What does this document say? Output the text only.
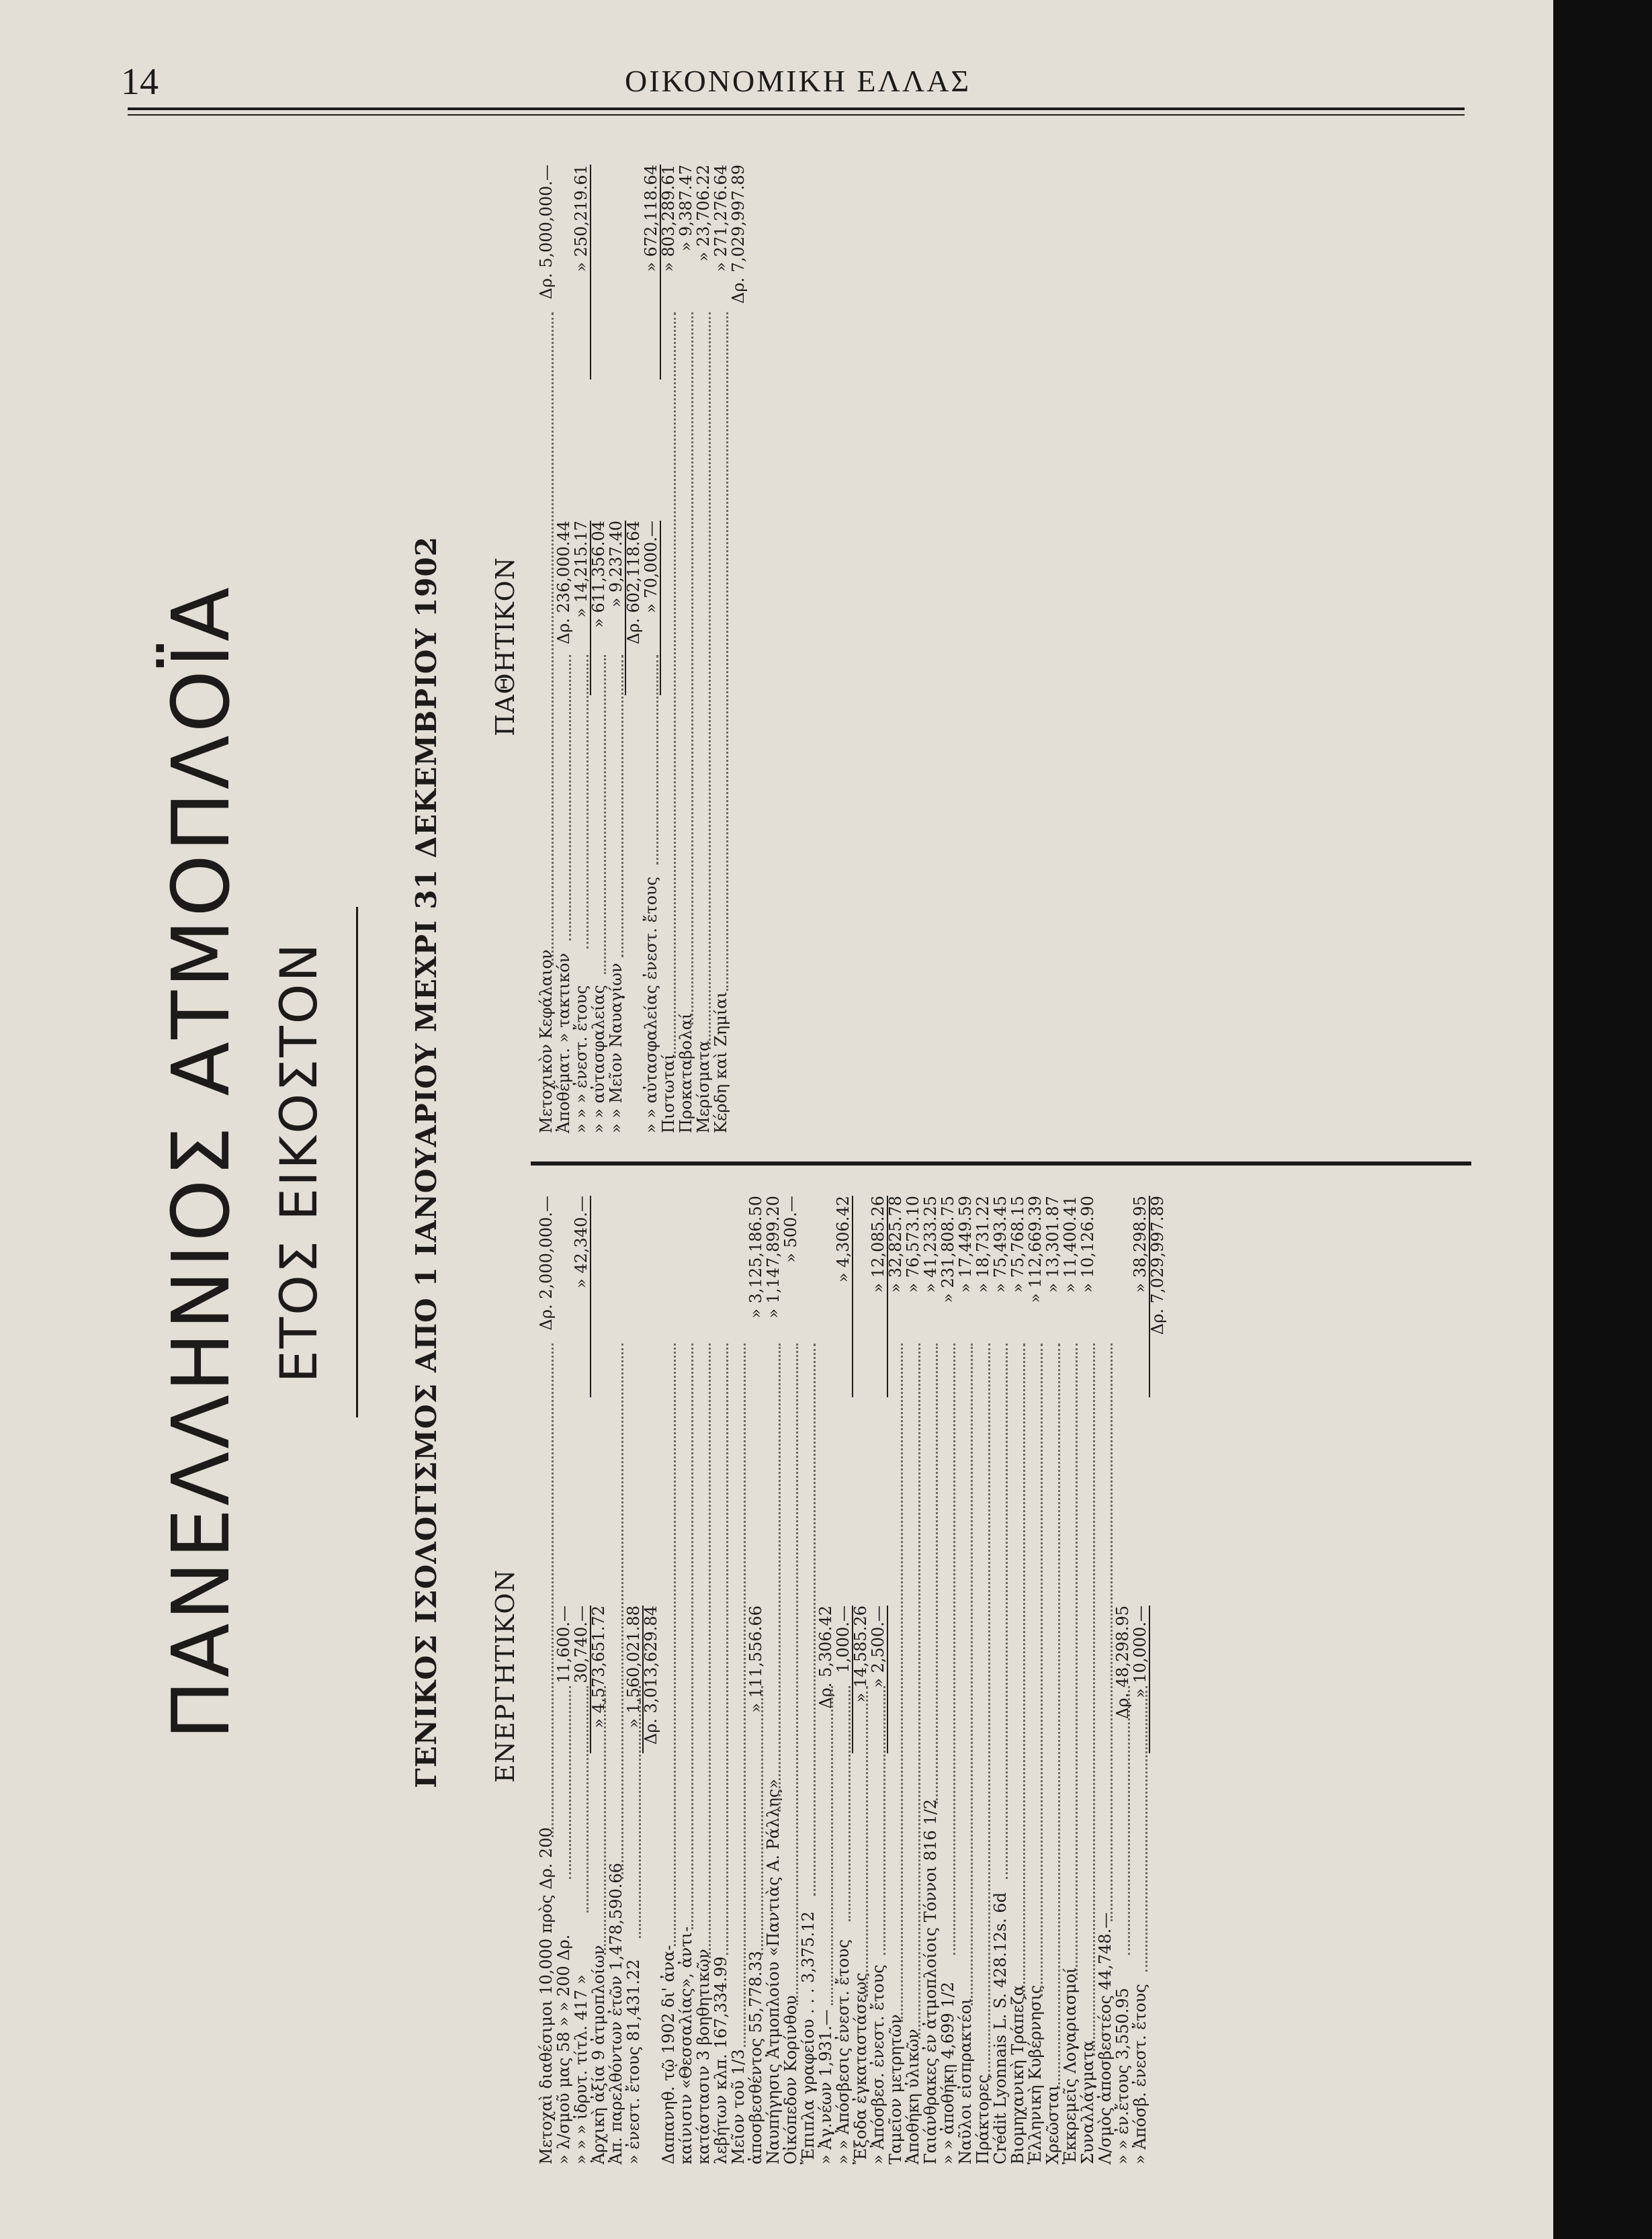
14	ΟΙΚΟΝΟΜΙΚΗ ΕΛΛΑΣ
ΠΑΝΕΛΛΗΝΙΟΣ ΑΤΜΟΠΛΟΪΑ ΕΤΟΣ ΕΙΚΟΣΤΟΝ	ΓΕΝΙΚΟΣ ΙΣΟΛΟΓΙΣΜΟΣ ΑΠΟ 1 ΙΑΝΟΥΑΡΙΟΥ ΜΕΧΡΙ 31 ΔΕΚΕΜΒΡΙΟΥ 1902 ΕΝΕΡΓΗΤΙΚΟΝ
ΠΑΘΗΤΙΚΟΝ
Μετοχαὶ διαθέσιμοι 10,000 πρὸς Δρ. 200
Δρ. 2,000,000.—
» λ/σμοῦ μας 58 » » 200 Δρ.
11,600.—
» » » ἱδρυτ. τίτλ. 417 »
30,740.—
» 42,340.—
Ἀρχικὴ ἀξία 9 ἀτμοπλοίων
» 4,573,651.72
Ἀπ. παρελθόντων ἐτῶν 1,478,590.66
» ἐνεστ. ἔτους 81,431.22
» 1,560,021.88
Δρ. 3,013,629.84
Δαπανηθ. τῷ 1902 δι' ἀνα-
καίνισιν «Θεσσαλίας», ἀντι-
κατάστασιν 3 βοηθητικῶν
λεβήτων κλπ. 167,334.99
Μεῖον τοῦ 1/3
ἀποσβεσθέντος 55,778.33
» 111,556.66
» 3,125,186.50
Ναυπήγησις Ἀτμοπλοίου «Παντιὰς Α. Ράλλης»
» 1,147,899.20
Οἰκόπεδον Κορίνθου
» 500.—
Ἔπιπλα γραφείου . . . 3,375.12
» Ἀγ.νέων 1,931.—
Δρ. 5,306.42
» » Ἀπόσβεσις ἐνεστ. ἔτους
1,000.—
» 4,306.42
Ἔξοδα ἐγκαταστάσεως
» 14,585.26
» Ἀπόσβεσ. ἐνεστ. ἔτους
» 2,500.—
» 12,085.26
Ταμεῖον μετρητῶν
» 32,825.78
Ἀποθήκη ὑλικῶν
» 76,573.10
Γαιάνθρακες ἐν ἀτμοπλοίοις Τόννοι 816 1/2
» 41,233.25
» » ἀποθήκῃ 4,699 1/2
» 231,808.75
Ναῦλοι εἰσπρακτέοι
» 17,449.59
Πράκτορες
» 18,731.22
Crédit Lyonnais L. S. 428.12s. 6d
» 75,493.45
Βιομηχανικὴ Τράπεζα
» 75,768.15
Ἑλληνικὴ Κυβέρνησις
» 112,669.39
Χρεῶσται
» 13,301.87
Ἐκκρεμεῖς Λογαριασμοί
» 11,400.41
Συναλλάγματα
» 10,126.90
Λ/σμὸς ἀποσβεστέος 44,748.—
» » ἐν.ἔτους 3,550.95
Δρ. 48,298.95
» Ἀπόσβ. ἐνεστ. ἔτους
» 10,000.—
» 38,298.95
Δρ. 7,029,997.89
Μετοχικὸν Κεφάλαιον
Δρ. 5,000,000.—
Ἀποθέματ. » τακτικόν
Δρ. 236,000.44
» » » ἐνεστ. ἔτους
» 14,215.17
» 250,219.61
» » αὐτασφαλείας
» 611,356.04
» » Μεῖον Ναυαγίων
» 9,237.40
Δρ. 602,118.64
» » αὐτασφαλείας ἐνεστ. ἔτους
» 70,000.—
» 672,118.64
Πιστωταί
» 803,289.61
Προκαταβολαί
» 9,387.47
Μερίσματα
» 23,706.22
Κέρδη καὶ Ζημίαι
» 271,276.64
Δρ. 7,029,997.89
